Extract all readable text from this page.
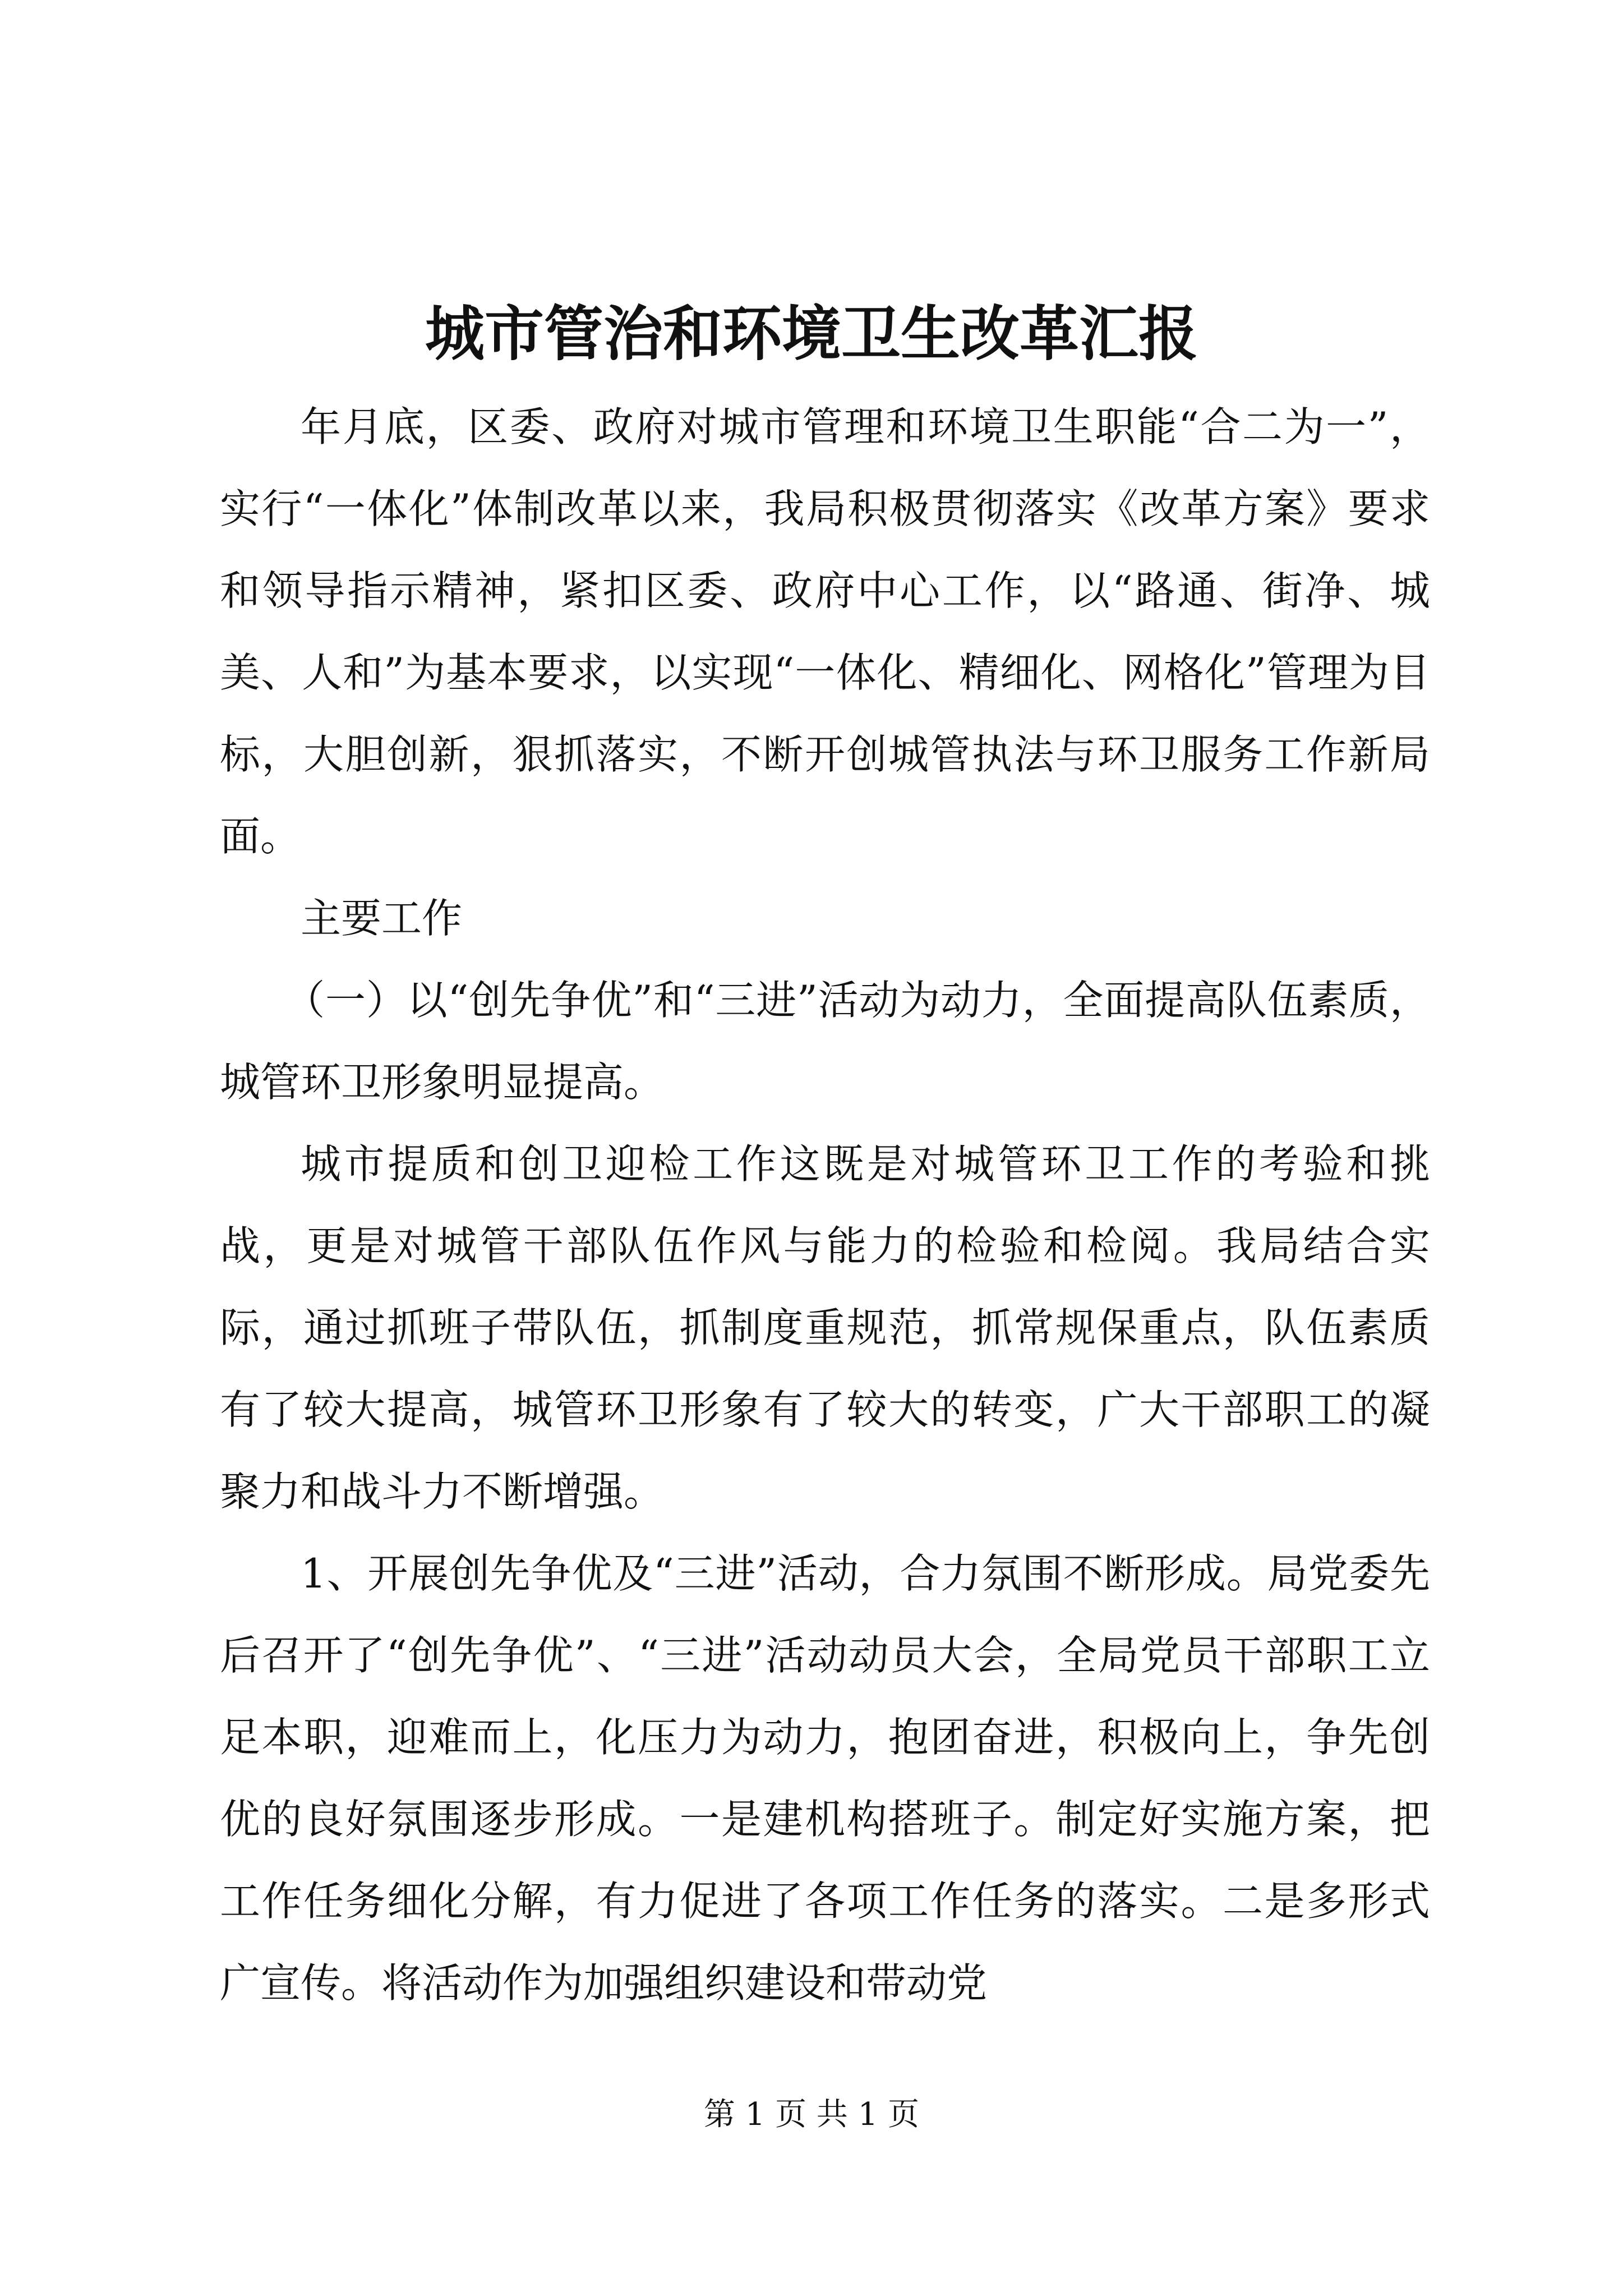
城市管治和环境卫生改革汇报

年月底，区委、政府对城市管理和环境卫生职能“合二为一”，实行“一体化”体制改革以来，我局积极贯彻落实《改革方案》要求和领导指示精神，紧扣区委、政府中心工作，以“路通、街净、城美、人和”为基本要求，以实现“一体化、精细化、网格化”管理为目标，大胆创新，狠抓落实，不断开创城管执法与环卫服务工作新局面。

主要工作

（一）以“创先争优”和“三进”活动为动力，全面提高队伍素质，城管环卫形象明显提高。

城市提质和创卫迎检工作这既是对城管环卫工作的考验和挑战，更是对城管干部队伍作风与能力的检验和检阅。我局结合实际，通过抓班子带队伍，抓制度重规范，抓常规保重点，队伍素质有了较大提高，城管环卫形象有了较大的转变，广大干部职工的凝聚力和战斗力不断增强。

1、开展创先争优及“三进”活动，合力氛围不断形成。局党委先后召开了“创先争优”、“三进”活动动员大会，全局党员干部职工立足本职，迎难而上，化压力为动力，抱团奋进，积极向上，争先创优的良好氛围逐步形成。一是建机构搭班子。制定好实施方案，把工作任务细化分解，有力促进了各项工作任务的落实。二是多形式广宣传。将活动作为加强组织建设和带动党

第 1 页 共 1 页
